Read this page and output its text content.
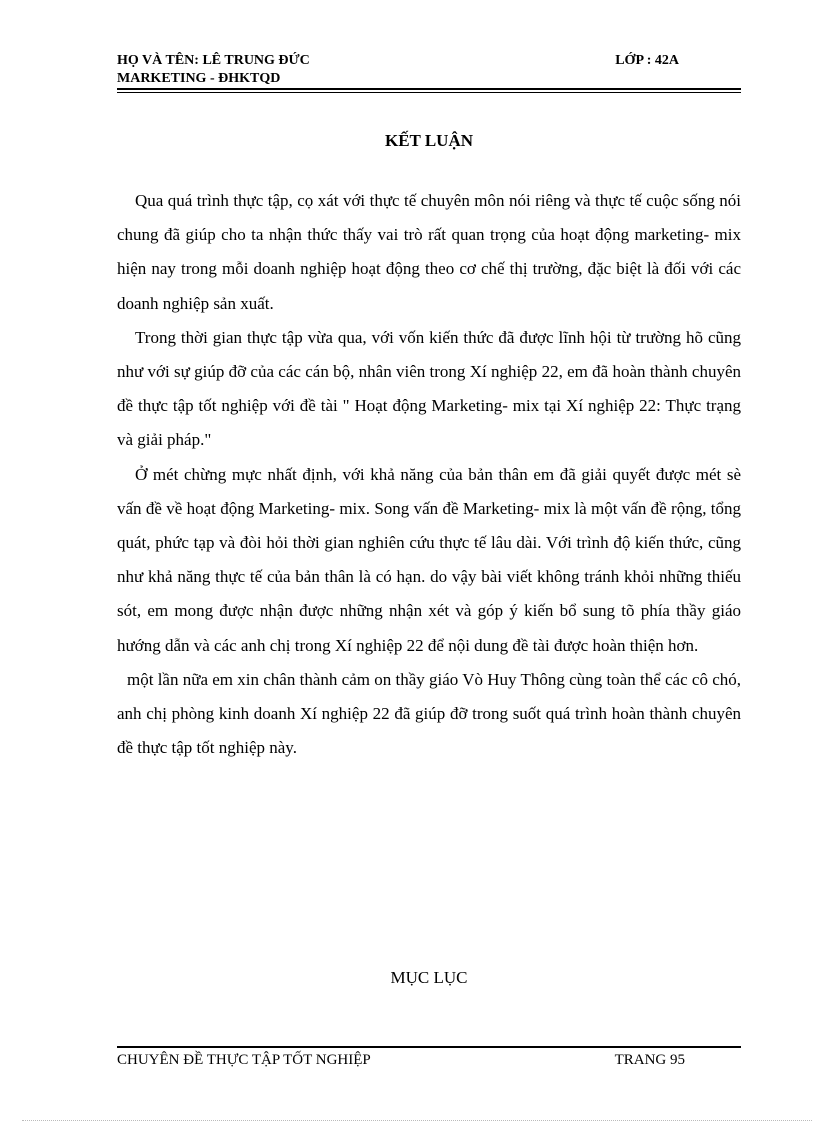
HỌ VÀ TÊN: LÊ TRUNG ĐỨC	LỚP : 42A
MARKETING - ĐHKTQD
KẾT LUẬN

Qua quá trình thực tập, cọ xát với thực tế chuyên môn nói riêng và thực tế cuộc sống nói chung đã giúp cho ta nhận thức thấy vai trò rất quan trọng của hoạt động marketing- mix hiện nay trong mỗi doanh nghiệp hoạt động theo cơ chế thị trường, đặc biệt là đối với các doanh nghiệp sản xuất.

Trong thời gian thực tập vừa qua, với vốn kiến thức đã được lĩnh hội từ trường hõ cũng như với sự giúp đỡ của các cán bộ, nhân viên trong Xí nghiệp 22, em đã hoàn thành chuyên đề thực tập tốt nghiệp với đề tài " Hoạt động Marketing- mix tại Xí nghiệp 22: Thực trạng và giải pháp."

Ở mét chừng mực nhất định, với khả năng của bản thân em đã giải quyết được mét sè vấn đề về hoạt động Marketing- mix. Song vấn đề Marketing- mix là một vấn đề rộng, tổng quát, phức tạp và đòi hỏi thời gian nghiên cứu thực tế lâu dài. Với trình độ kiến thức, cũng như khả năng thực tế của bản thân là có hạn. do vậy bài viết không tránh khỏi những thiếu sót, em mong được nhận được những nhận xét và góp ý kiến bổ sung tõ phía thầy giáo hướng dẫn và các anh chị trong Xí nghiệp 22 để nội dung đề tài được hoàn thiện hơn.

một lần nữa em xin chân thành cảm on thầy giáo Vò Huy Thông cùng toàn thể các cô chó, anh chị phòng kinh doanh Xí nghiệp 22 đã giúp đỡ trong suốt quá trình hoàn thành chuyên đề thực tập tốt nghiệp này.

MỤC LỤC
CHUYÊN ĐỀ THỰC TẬP TỐT NGHIỆP	TRANG 95
